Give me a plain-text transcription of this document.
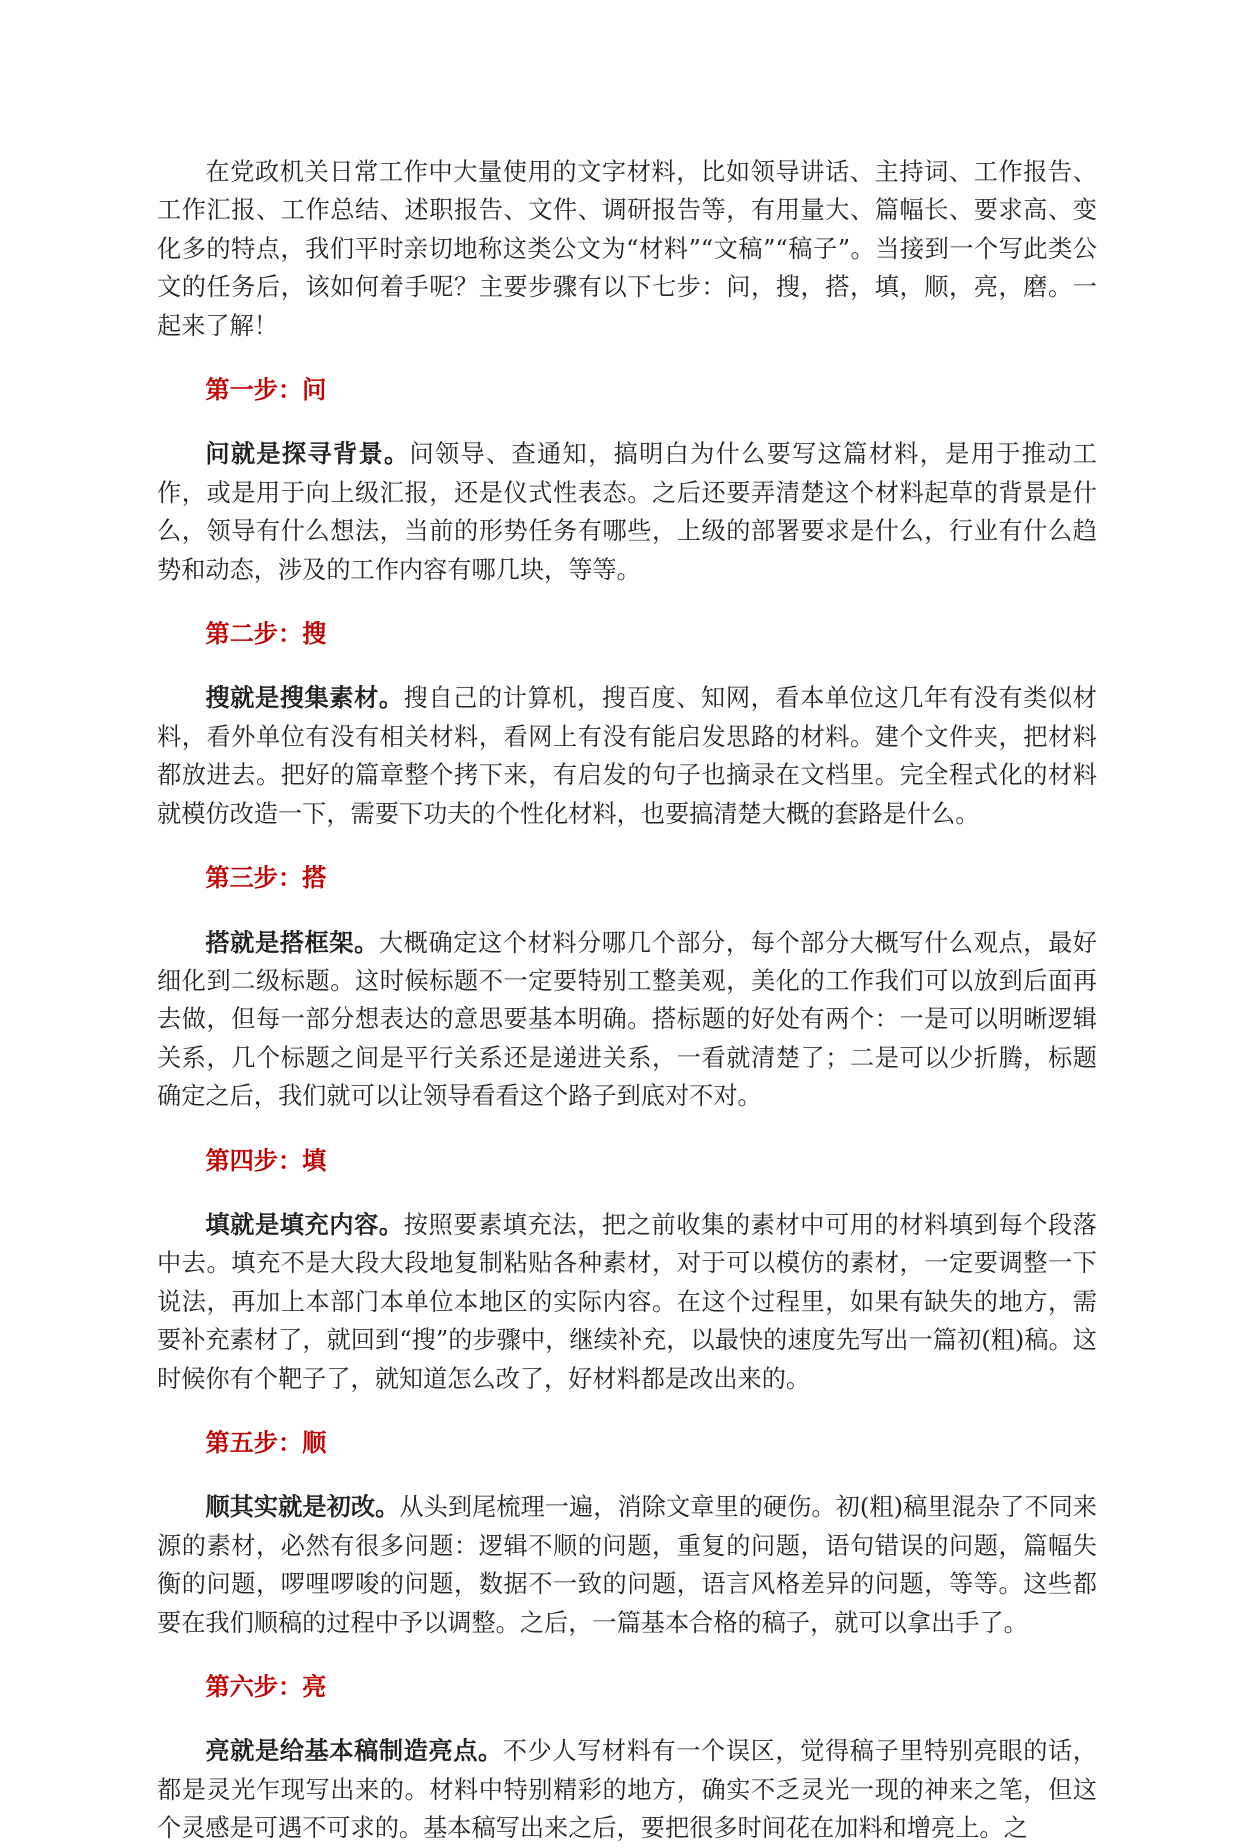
在党政机关日常工作中大量使用的文字材料，比如领导讲话、主持词、工作报告、工作汇报、工作总结、述职报告、文件、调研报告等，有用量大、篇幅长、要求高、变化多的特点，我们平时亲切地称这类公文为“材料”“文稿”“稿子”。当接到一个写此类公文的任务后，该如何着手呢？主要步骤有以下七步：问，搜，搭，填，顺，亮，磨。一起来了解！

第一步：问

问就是探寻背景。问领导、查通知，搞明白为什么要写这篇材料，是用于推动工作，或是用于向上级汇报，还是仪式性表态。之后还要弄清楚这个材料起草的背景是什么，领导有什么想法，当前的形势任务有哪些，上级的部署要求是什么，行业有什么趋势和动态，涉及的工作内容有哪几块，等等。

第二步：搜

搜就是搜集素材。搜自己的计算机，搜百度、知网，看本单位这几年有没有类似材料，看外单位有没有相关材料，看网上有没有能启发思路的材料。建个文件夹，把材料都放进去。把好的篇章整个拷下来，有启发的句子也摘录在文档里。完全程式化的材料就模仿改造一下，需要下功夫的个性化材料，也要搞清楚大概的套路是什么。

第三步：搭

搭就是搭框架。大概确定这个材料分哪几个部分，每个部分大概写什么观点，最好细化到二级标题。这时候标题不一定要特别工整美观，美化的工作我们可以放到后面再去做，但每一部分想表达的意思要基本明确。搭标题的好处有两个：一是可以明晰逻辑关系，几个标题之间是平行关系还是递进关系，一看就清楚了；二是可以少折腾，标题确定之后，我们就可以让领导看看这个路子到底对不对。

第四步：填

填就是填充内容。按照要素填充法，把之前收集的素材中可用的材料填到每个段落中去。填充不是大段大段地复制粘贴各种素材，对于可以模仿的素材，一定要调整一下说法，再加上本部门本单位本地区的实际内容。在这个过程里，如果有缺失的地方，需要补充素材了，就回到“搜”的步骤中，继续补充，以最快的速度先写出一篇初(粗)稿。这时候你有个靶子了，就知道怎么改了，好材料都是改出来的。

第五步：顺

顺其实就是初改。从头到尾梳理一遍，消除文章里的硬伤。初(粗)稿里混杂了不同来源的素材，必然有很多问题：逻辑不顺的问题，重复的问题，语句错误的问题，篇幅失衡的问题，啰哩啰唆的问题，数据不一致的问题，语言风格差异的问题，等等。这些都要在我们顺稿的过程中予以调整。之后，一篇基本合格的稿子，就可以拿出手了。

第六步：亮

亮就是给基本稿制造亮点。不少人写材料有一个误区，觉得稿子里特别亮眼的话，都是灵光乍现写出来的。材料中特别精彩的地方，确实不乏灵光一现的神来之笔，但这个灵感是可遇不可求的。基本稿写出来之后，要把很多时间花在加料和增亮上。之
